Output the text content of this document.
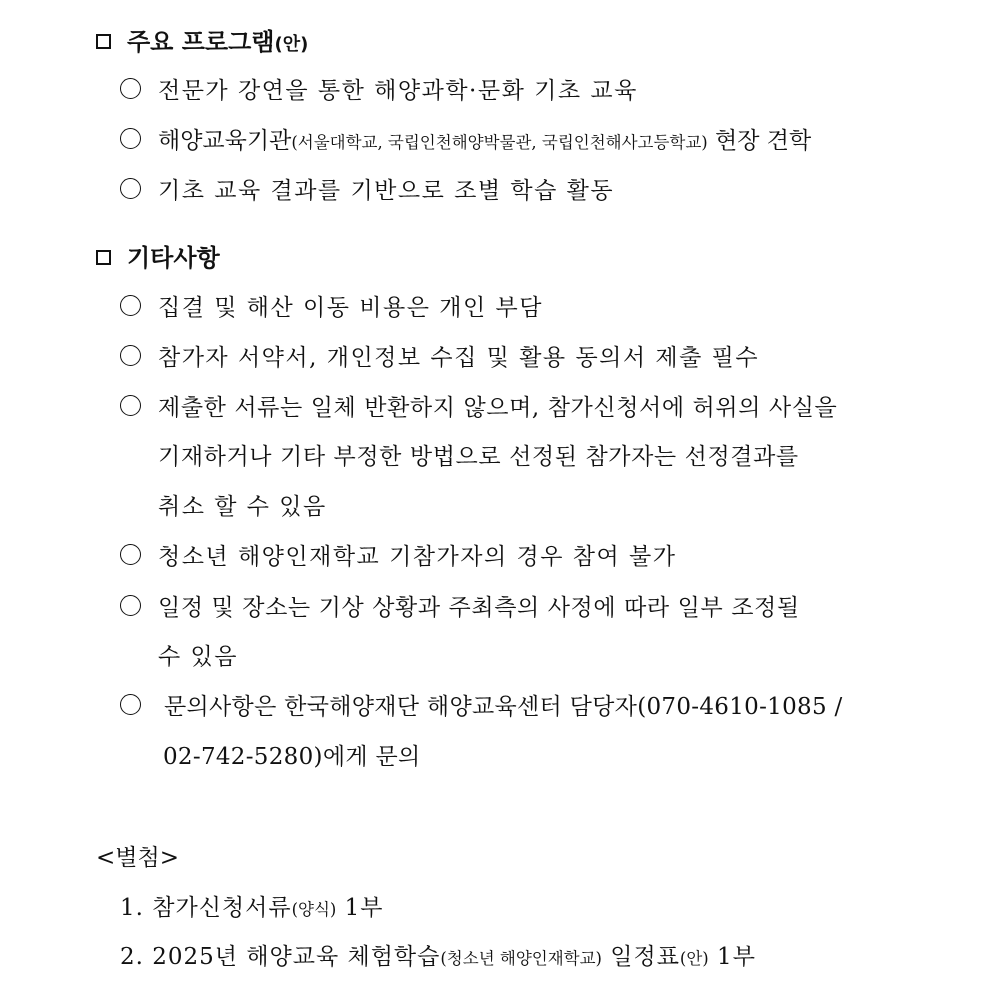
주요 프로그램(안)
전문가 강연을 통한 해양과학·문화 기초 교육
해양교육기관(서울대학교, 국립인천해양박물관, 국립인천해사고등학교) 현장 견학
기초 교육 결과를 기반으로 조별 학습 활동
기타사항
집결 및 해산 이동 비용은 개인 부담
참가자 서약서, 개인정보 수집 및 활용 동의서 제출 필수
제출한 서류는 일체 반환하지 않으며, 참가신청서에 허위의 사실을
기재하거나 기타 부정한 방법으로 선정된 참가자는 선정결과를
취소 할 수 있음
청소년 해양인재학교 기참가자의 경우 참여 불가
일정 및 장소는 기상 상황과 주최측의 사정에 따라 일부 조정될
수 있음
문의사항은 한국해양재단 해양교육센터 담당자(070-4610-1085 /
02-742-5280)에게 문의
<별첨>
1. 참가신청서류(양식) 1부
2. 2025년 해양교육 체험학습(청소년 해양인재학교) 일정표(안) 1부
